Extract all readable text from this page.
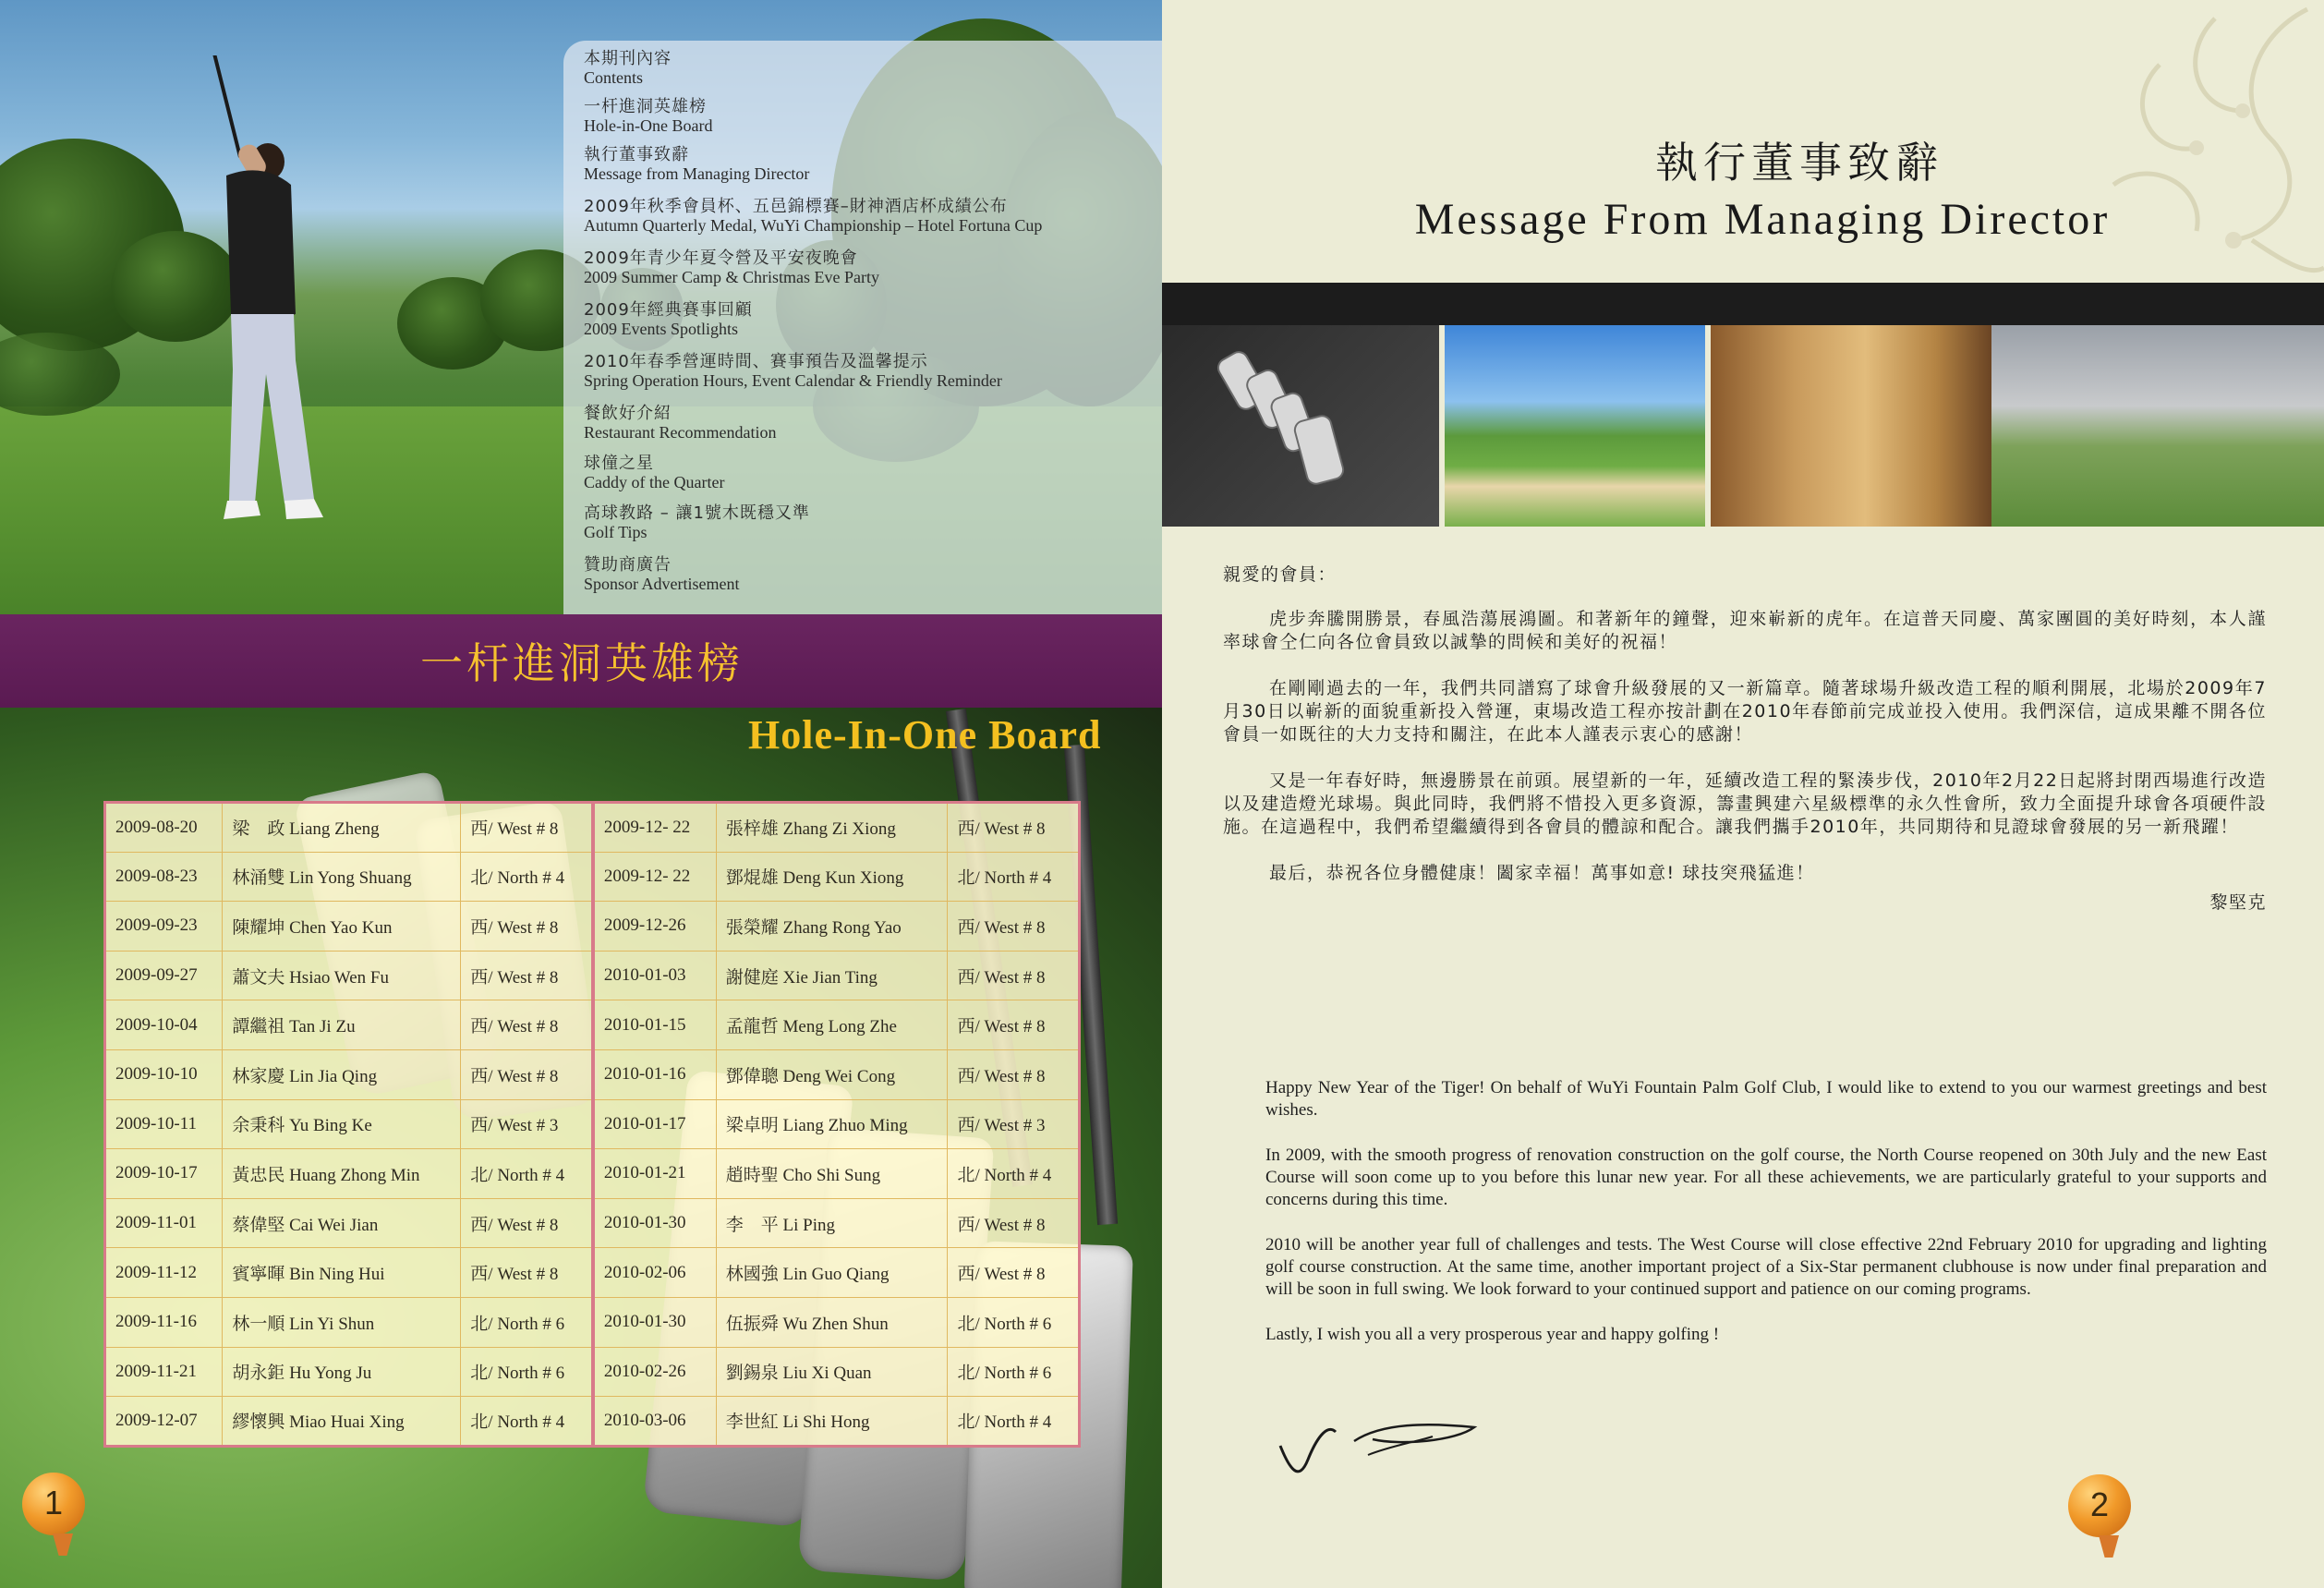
本期刊內容
Contents
一杆進洞英雄榜
Hole-in-One Board
執行董事致辭
Message from Managing Director
2009年秋季會員杯、五邑錦標賽–財神酒店杯成績公布
Autumn Quarterly Medal, WuYi Championship – Hotel Fortuna Cup
2009年青少年夏令營及平安夜晚會
2009 Summer Camp & Christmas Eve Party
2009年經典賽事回顧
2009 Events Spotlights
2010年春季營運時間、賽事預告及溫馨提示
Spring Operation Hours, Event Calendar & Friendly Reminder
餐飲好介紹
Restaurant Recommendation
球僮之星
Caddy of the Quarter
高球教路 – 讓1號木既穩又準
Golf Tips
贊助商廣告
Sponsor Advertisement
一杆進洞英雄榜
Hole-In-One Board
2009-08-20	梁　政 Liang Zheng	西/ West # 8	2009-12- 22	張梓雄 Zhang Zi Xiong	西/ West # 8
2009-08-23	林涌雙 Lin Yong Shuang	北/ North # 4	2009-12- 22	鄧焜雄 Deng Kun Xiong	北/ North # 4
2009-09-23	陳耀坤 Chen Yao Kun	西/ West # 8	2009-12-26	張榮耀 Zhang Rong Yao	西/ West # 8
2009-09-27	蕭文夫 Hsiao Wen Fu	西/ West # 8	2010-01-03	謝健庭 Xie Jian Ting	西/ West # 8
2009-10-04	譚繼祖 Tan Ji Zu	西/ West # 8	2010-01-15	孟龍哲 Meng Long Zhe	西/ West # 8
2009-10-10	林家慶 Lin Jia Qing	西/ West # 8	2010-01-16	鄧偉聰 Deng Wei Cong	西/ West # 8
2009-10-11	余秉科 Yu Bing Ke	西/ West # 3	2010-01-17	梁卓明 Liang Zhuo Ming	西/ West # 3
2009-10-17	黃忠民 Huang Zhong Min	北/ North # 4	2010-01-21	趙時聖 Cho Shi Sung	北/ North # 4
2009-11-01	蔡偉堅 Cai Wei Jian	西/ West # 8	2010-01-30	李　平 Li Ping	西/ West # 8
2009-11-12	賓寧暉 Bin Ning Hui	西/ West # 8	2010-02-06	林國強 Lin Guo Qiang	西/ West # 8
2009-11-16	林一順 Lin Yi Shun	北/ North # 6	2010-01-30	伍振舜 Wu Zhen Shun	北/ North # 6
2009-11-21	胡永鉅 Hu Yong Ju	北/ North # 6	2010-02-26	劉錫泉 Liu Xi Quan	北/ North # 6
2009-12-07	繆懷興 Miao Huai Xing	北/ North # 4	2010-03-06	李世紅 Li Shi Hong	北/ North # 4
1
執行董事致辭
Message From Managing Director

親愛的會員：

虎步奔騰開勝景，春風浩蕩展鴻圖。和著新年的鐘聲，迎來嶄新的虎年。在這普天同慶、萬家團圓的美好時刻，本人謹率球會仝仁向各位會員致以誠摯的問候和美好的祝福！

在剛剛過去的一年，我們共同譜寫了球會升級發展的又一新篇章。隨著球場升級改造工程的順利開展，北場於2009年7月30日以嶄新的面貌重新投入營運，東場改造工程亦按計劃在2010年春節前完成並投入使用。我們深信，這成果離不開各位會員一如既往的大力支持和關注，在此本人謹表示衷心的感謝！

又是一年春好時，無邊勝景在前頭。展望新的一年，延續改造工程的緊湊步伐，2010年2月22日起將封閉西場進行改造以及建造燈光球場。與此同時，我們將不惜投入更多資源，籌畫興建六星級標準的永久性會所，致力全面提升球會各項硬件設施。在這過程中，我們希望繼續得到各會員的體諒和配合。讓我們攜手2010年，共同期待和見證球會發展的另一新飛躍！

最后，恭祝各位身體健康！闔家幸福！萬事如意! 球技突飛猛進！

黎堅克

Happy New Year of the Tiger! On behalf of WuYi Fountain Palm Golf Club, I would like to extend to you our warmest greetings and best wishes.

In 2009, with the smooth progress of renovation construction on the golf course, the North Course reopened on 30th July and the new East Course will soon come up to you before this lunar new year. For all these achievements, we are particularly grateful to your supports and concerns during this time.

2010 will be another year full of challenges and tests. The West Course will close effective 22nd February 2010 for upgrading and lighting golf course construction. At the same time, another important project of a Six-Star permanent clubhouse is now under final preparation and will be soon in full swing. We look forward to your continued support and patience on our coming programs.

Lastly, I wish you all a very prosperous year and happy golfing !

2
